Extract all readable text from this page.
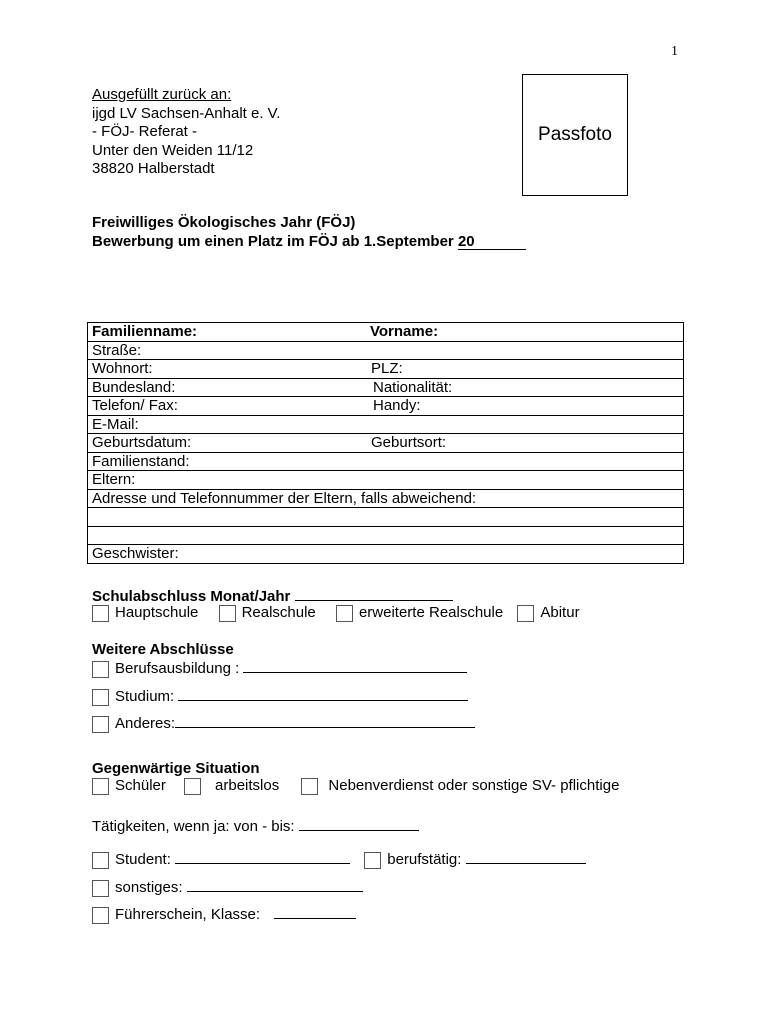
1
Ausgefüllt zurück an:
ijgd LV Sachsen-Anhalt e. V.
- FÖJ- Referat -
Unter den Weiden 11/12
38820 Halberstadt
Passfoto
Freiwilliges Ökologisches Jahr (FÖJ)
Bewerbung um einen Platz im FÖJ ab 1.September 20
Familienname:	Vorname:

Straße:

Wohnort:	PLZ:

Bundesland:	Nationalität:

Telefon/ Fax:	Handy:

E-Mail:

Geburtsdatum:	Geburtsort:

Familienstand:

Eltern:

Adresse und Telefonnummer der Eltern, falls abweichend:

Geschwister:
Schulabschluss Monat/Jahr
Hauptschule	Realschule	erweiterte Realschule Abitur
Weitere Abschlüsse
Berufsausbildung :
Studium:
Anderes:
Gegenwärtige Situation
Schüler	arbeitslos	Nebenverdienst oder sonstige SV- pflichtige
Tätigkeiten, wenn ja: von - bis:
Student:	berufstätig:
sonstiges:
Führerschein, Klasse:
